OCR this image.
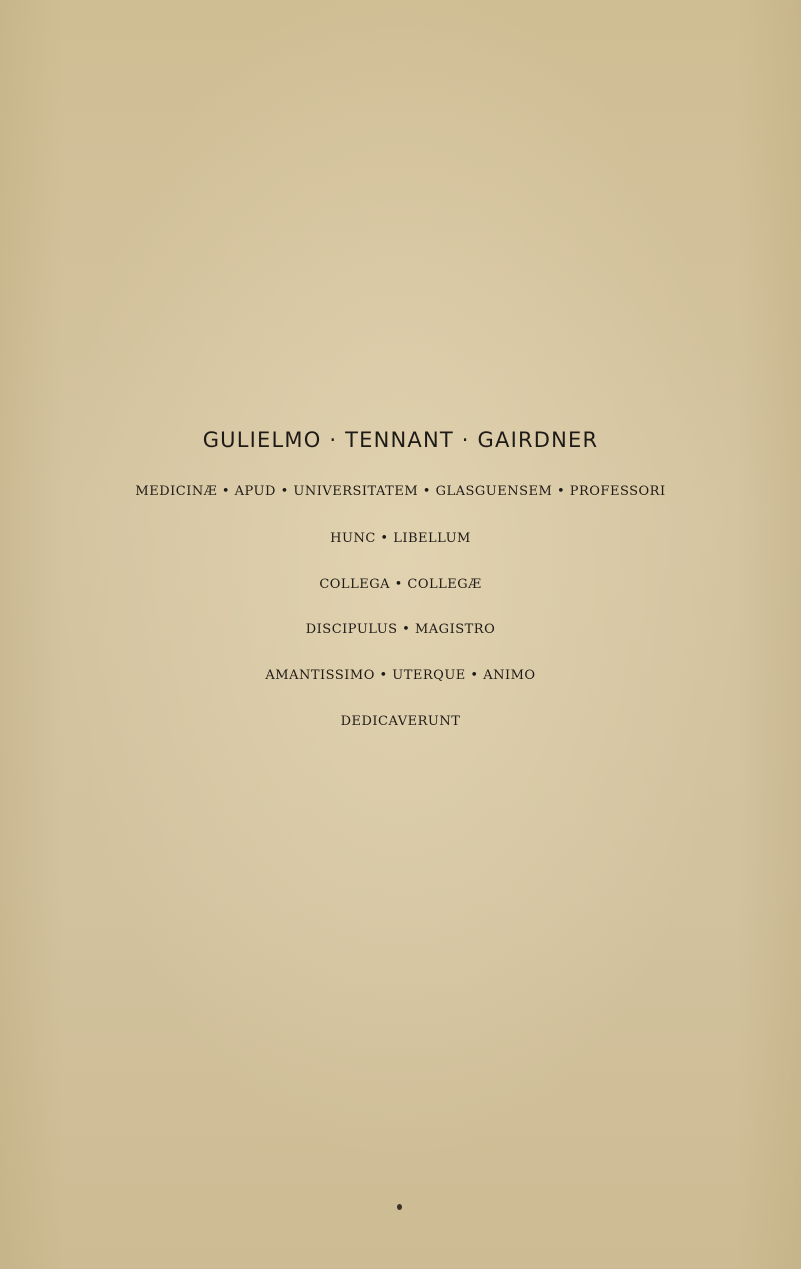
GULIELMO · TENNANT · GAIRDNER
MEDICINÆ • APUD • UNIVERSITATEM • GLASGUENSEM • PROFESSORI
HUNC • LIBELLUM
COLLEGA • COLLEGÆ
DISCIPULUS • MAGISTRO
AMANTISSIMO • UTERQUE • ANIMO
DEDICAVERUNT
